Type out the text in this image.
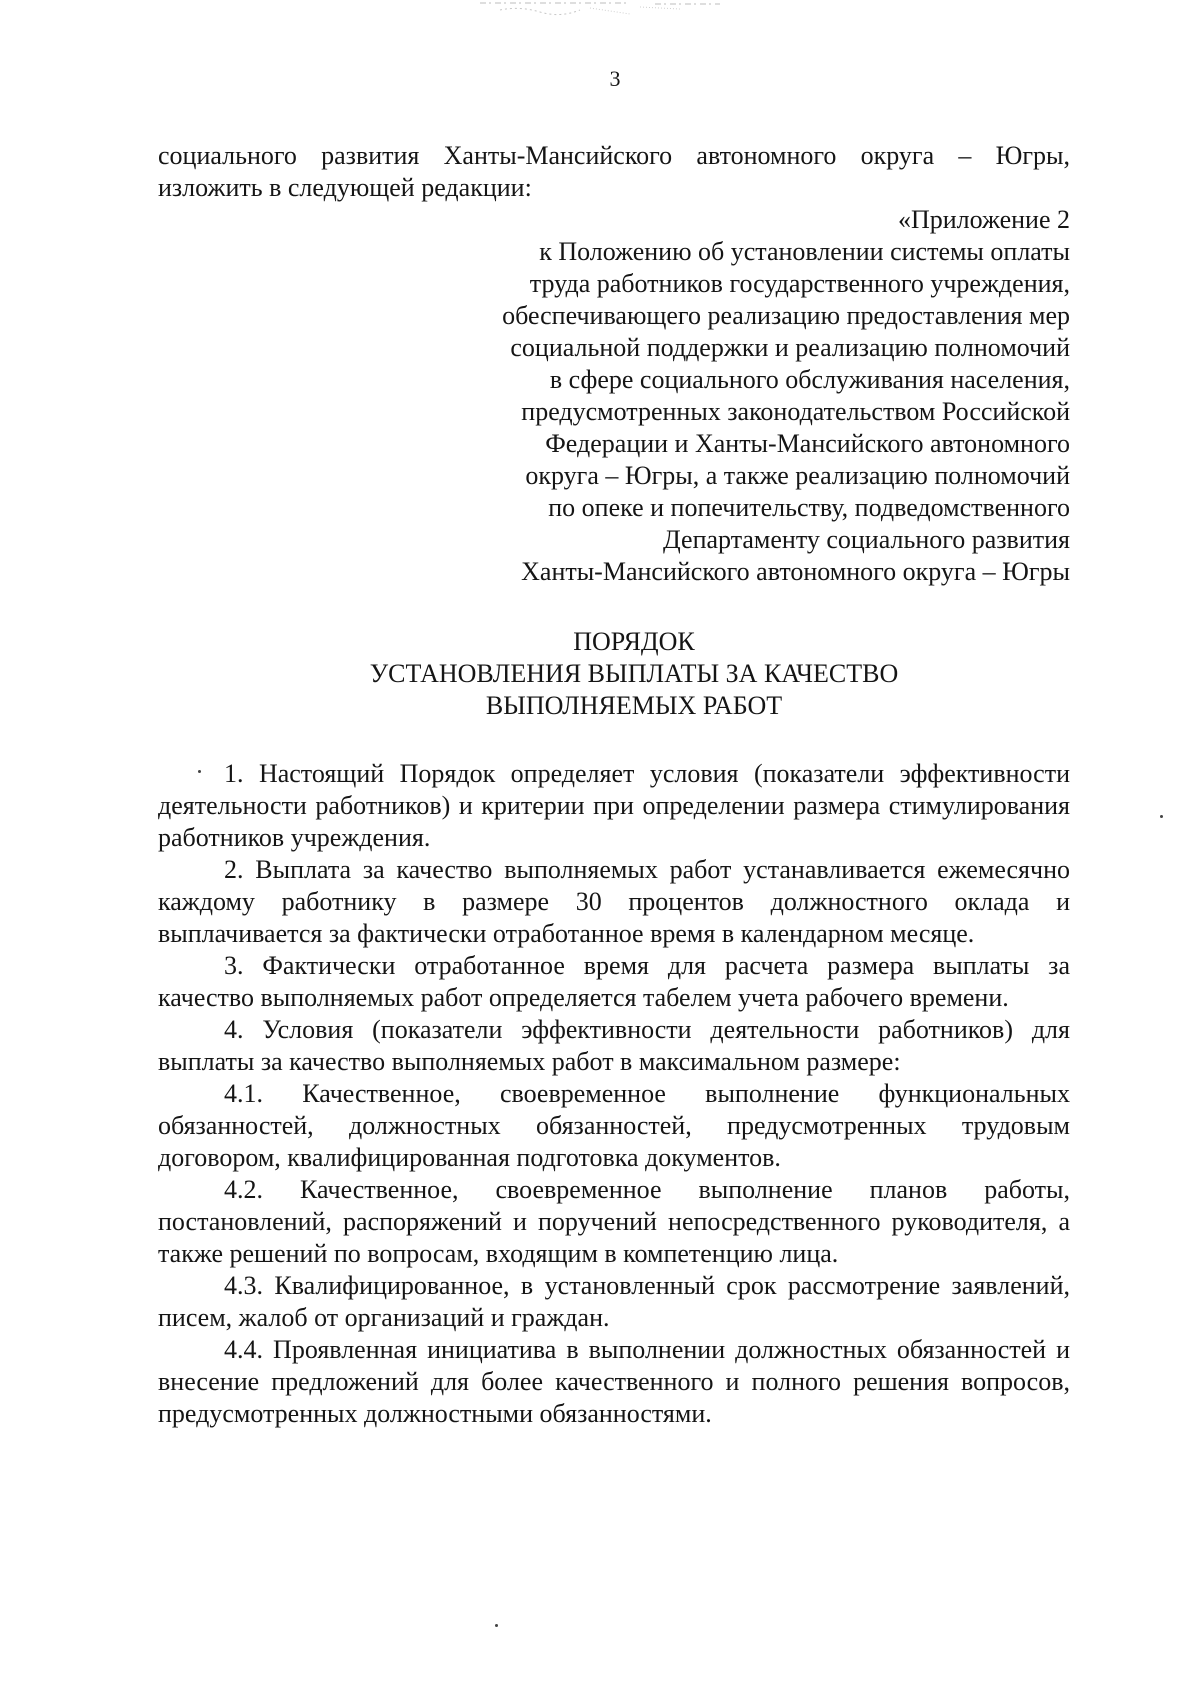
3

социального развития Ханты-Мансийского автономного округа – Югры, изложить в следующей редакции:

«Приложение 2
к Положению об установлении системы оплаты
труда работников государственного учреждения,
обеспечивающего реализацию предоставления мер
социальной поддержки и реализацию полномочий
в сфере социального обслуживания населения,
предусмотренных законодательством Российской
Федерации и Ханты-Мансийского автономного
округа – Югры, а также реализацию полномочий
по опеке и попечительству, подведомственного
Департаменту социального развития
Ханты-Мансийского автономного округа – Югры
ПОРЯДОК
УСТАНОВЛЕНИЯ ВЫПЛАТЫ ЗА КАЧЕСТВО
ВЫПОЛНЯЕМЫХ РАБОТ

1. Настоящий Порядок определяет условия (показатели эффективности деятельности работников) и критерии при определении размера стимулирования работников учреждения.

2. Выплата за качество выполняемых работ устанавливается ежемесячно каждому работнику в размере 30 процентов должностного оклада и выплачивается за фактически отработанное время в календарном месяце.

3. Фактически отработанное время для расчета размера выплаты за качество выполняемых работ определяется табелем учета рабочего времени.

4. Условия (показатели эффективности деятельности работников) для выплаты за качество выполняемых работ в максимальном размере:

4.1. Качественное, своевременное выполнение функциональных обязанностей, должностных обязанностей, предусмотренных трудовым договором, квалифицированная подготовка документов.

4.2. Качественное, своевременное выполнение планов работы, постановлений, распоряжений и поручений непосредственного руководителя, а также решений по вопросам, входящим в компетенцию лица.

4.3. Квалифицированное, в установленный срок рассмотрение заявлений, писем, жалоб от организаций и граждан.

4.4. Проявленная инициатива в выполнении должностных обязанностей и внесение предложений для более качественного и полного решения вопросов, предусмотренных должностными обязанностями.
